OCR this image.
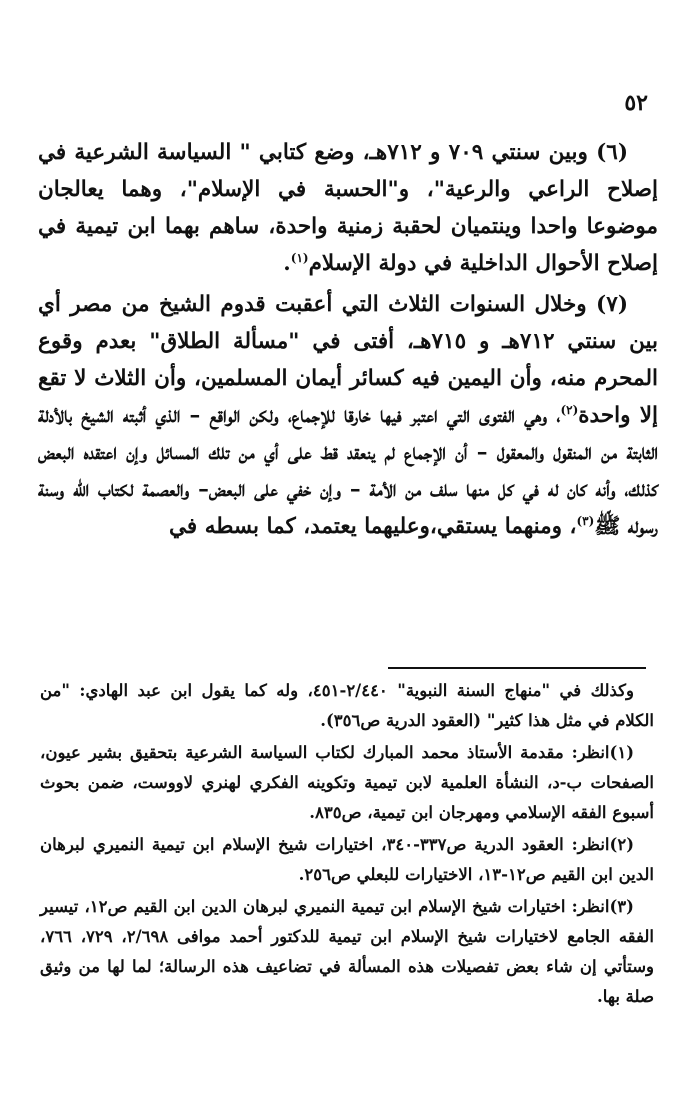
٥٢

(٦) وبين سنتي ٧٠٩ و ٧١٢هـ، وضع كتابي " السياسة الشرعية في إصلاح الراعي والرعية"، و"الحسبة في الإسلام"، وهما يعالجان موضوعا واحدا وينتميان لحقبة زمنية واحدة، ساهم بهما ابن تيمية في إصلاح الأحوال الداخلية في دولة الإسلام$^{(١)}$.

(٧) وخلال السنوات الثلاث التي أعقبت قدوم الشيخ من مصر أي بين سنتي ٧١٢هـ و ٧١٥هـ، أفتى في "مسألة الطلاق" بعدم وقوع المحرم منه، وأن اليمين فيه كسائر أيمان المسلمين، وأن الثلاث لا تقع إلا واحدة$^{(٢)}$، وهي الفتوى التي اعتبر فيها خارقا للإجماع، ولكن الواقع – الذي أثبته الشيخ بالأدلة الثابتة من المنقول والمعقول – أن الإجماع لم ينعقد قط على أي من تلك المسائل وإن اعتقده البعض كذلك، وأنه كان له في كل منها سلف من الأمة – وإن خفي على البعض– والعصمة لكتاب الله وسنة رسوله ﷺ$^{(٣)}$، ومنهما يستقي،وعليهما يعتمد، كما بسطه في

وكذلك في "منهاج السنة النبوية" ٢/٤٤٠-٤٥١، وله كما يقول ابن عبد الهادي: "من الكلام في مثل هذا كثير" (العقود الدرية ص٣٥٦).

(١)انظر: مقدمة الأستاذ محمد المبارك لكتاب السياسة الشرعية بتحقيق بشير عيون، الصفحات ب-د، النشأة العلمية لابن تيمية وتكوينه الفكري لهنري لاووست، ضمن بحوث أسبوع الفقه الإسلامي ومهرجان ابن تيمية، ص٨٣٥.

(٢)انظر: العقود الدرية ص٣٣٧-٣٤٠، اختيارات شيخ الإسلام ابن تيمية النميري لبرهان الدين ابن القيم ص١٢-١٣، الاختيارات للبعلي ص٢٥٦.

(٣)انظر: اختيارات شيخ الإسلام ابن تيمية النميري لبرهان الدين ابن القيم ص١٢، تيسير الفقه الجامع لاختيارات شيخ الإسلام ابن تيمية للدكتور أحمد موافى ٢/٦٩٨، ٧٢٩، ٧٦٦، وستأتي إن شاء بعض تفصيلات هذه المسألة في تضاعيف هذه الرسالة؛ لما لها من وثيق صلة بها.
